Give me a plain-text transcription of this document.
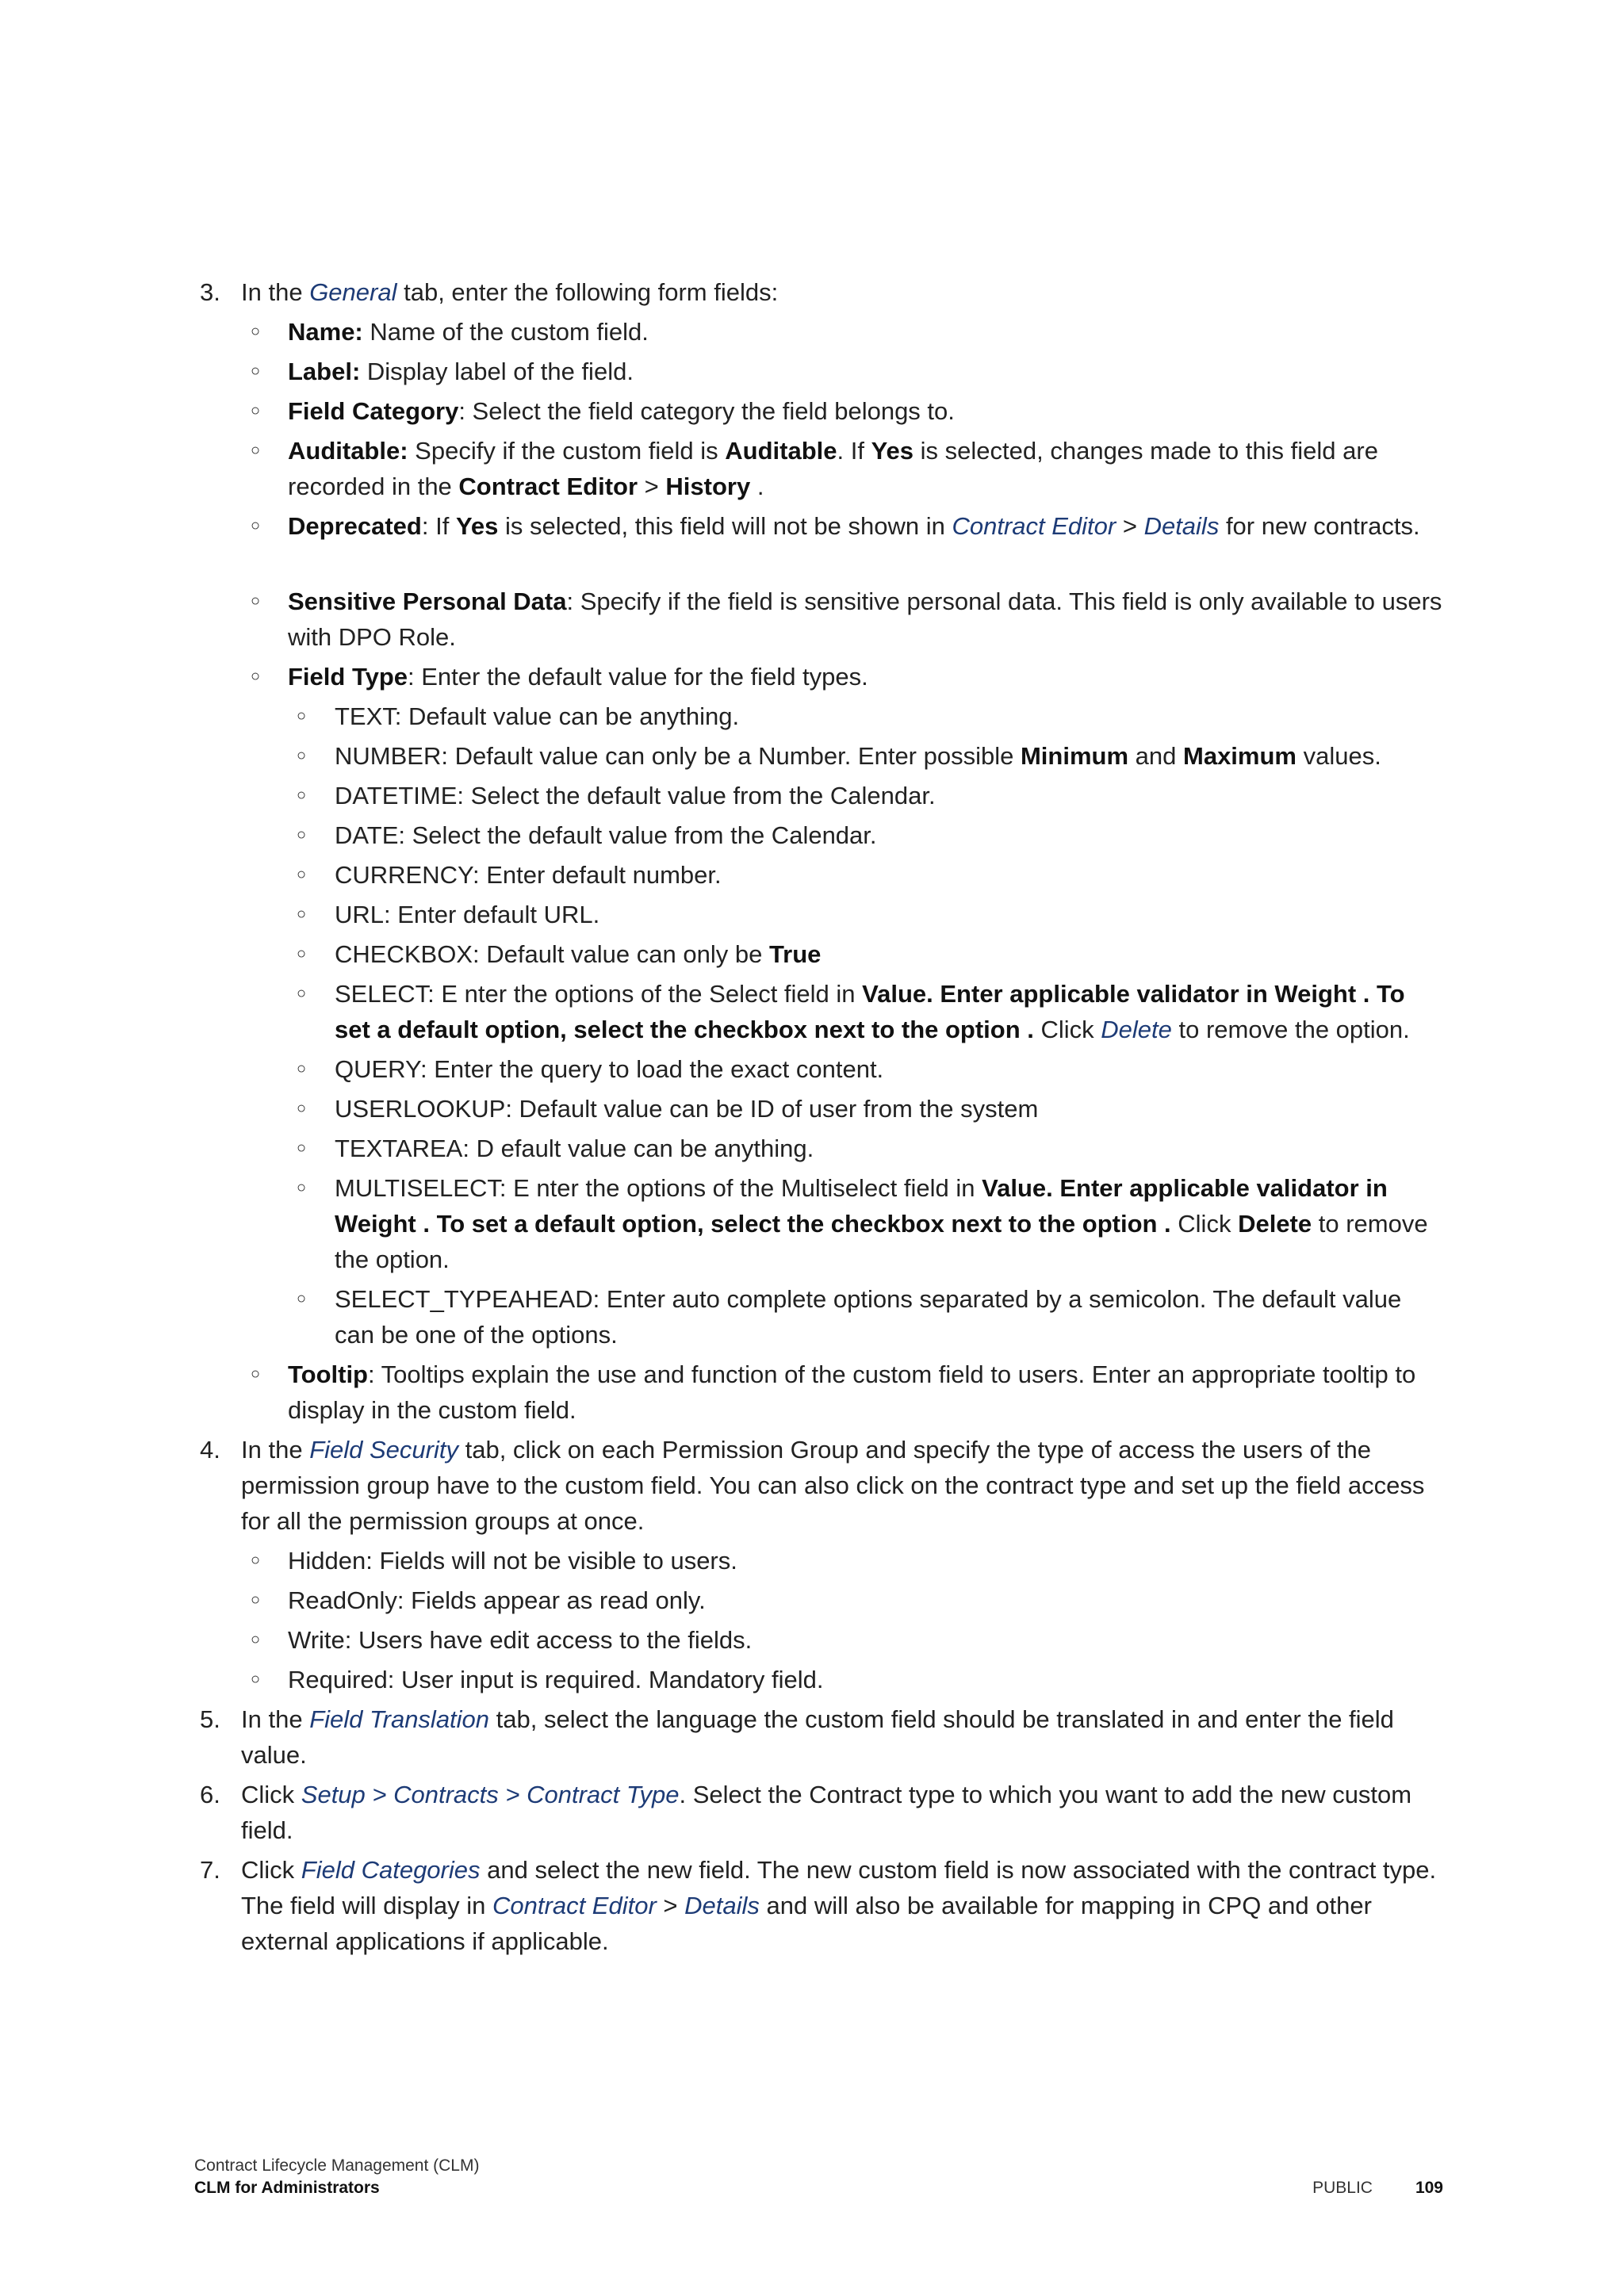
3. In the General tab, enter the following form fields:
○ Name: Name of the custom field.
○ Label: Display label of the field.
○ Field Category: Select the field category the field belongs to.
○ Auditable: Specify if the custom field is Auditable. If Yes is selected, changes made to this field are recorded in the Contract Editor > History .
○ Deprecated: If Yes is selected, this field will not be shown in Contract Editor > Details for new contracts.
○ Sensitive Personal Data: Specify if the field is sensitive personal data. This field is only available to users with DPO Role.
○ Field Type: Enter the default value for the field types.
○ TEXT: Default value can be anything.
○ NUMBER: Default value can only be a Number. Enter possible Minimum and Maximum values.
○ DATETIME: Select the default value from the Calendar.
○ DATE: Select the default value from the Calendar.
○ CURRENCY: Enter default number.
○ URL: Enter default URL.
○ CHECKBOX: Default value can only be True
○ SELECT: E nter the options of the Select field in Value. Enter applicable validator in Weight . To set a default option, select the checkbox next to the option . Click Delete to remove the option.
○ QUERY: Enter the query to load the exact content.
○ USERLOOKUP: Default value can be ID of user from the system
○ TEXTAREA: D efault value can be anything.
○ MULTISELECT: E nter the options of the Multiselect field in Value. Enter applicable validator in Weight . To set a default option, select the checkbox next to the option . Click Delete to remove the option.
○ SELECT_TYPEAHEAD: Enter auto complete options separated by a semicolon. The default value can be one of the options.
○ Tooltip: Tooltips explain the use and function of the custom field to users. Enter an appropriate tooltip to display in the custom field.
4. In the Field Security tab, click on each Permission Group and specify the type of access the users of the permission group have to the custom field. You can also click on the contract type and set up the field access for all the permission groups at once.
○ Hidden: Fields will not be visible to users.
○ ReadOnly: Fields appear as read only.
○ Write: Users have edit access to the fields.
○ Required: User input is required. Mandatory field.
5. In the Field Translation tab, select the language the custom field should be translated in and enter the field value.
6. Click Setup > Contracts > Contract Type. Select the Contract type to which you want to add the new custom field.
7. Click Field Categories and select the new field. The new custom field is now associated with the contract type. The field will display in Contract Editor > Details and will also be available for mapping in CPQ and other external applications if applicable.
Contract Lifecycle Management (CLM)
CLM for Administrators	PUBLIC	109
